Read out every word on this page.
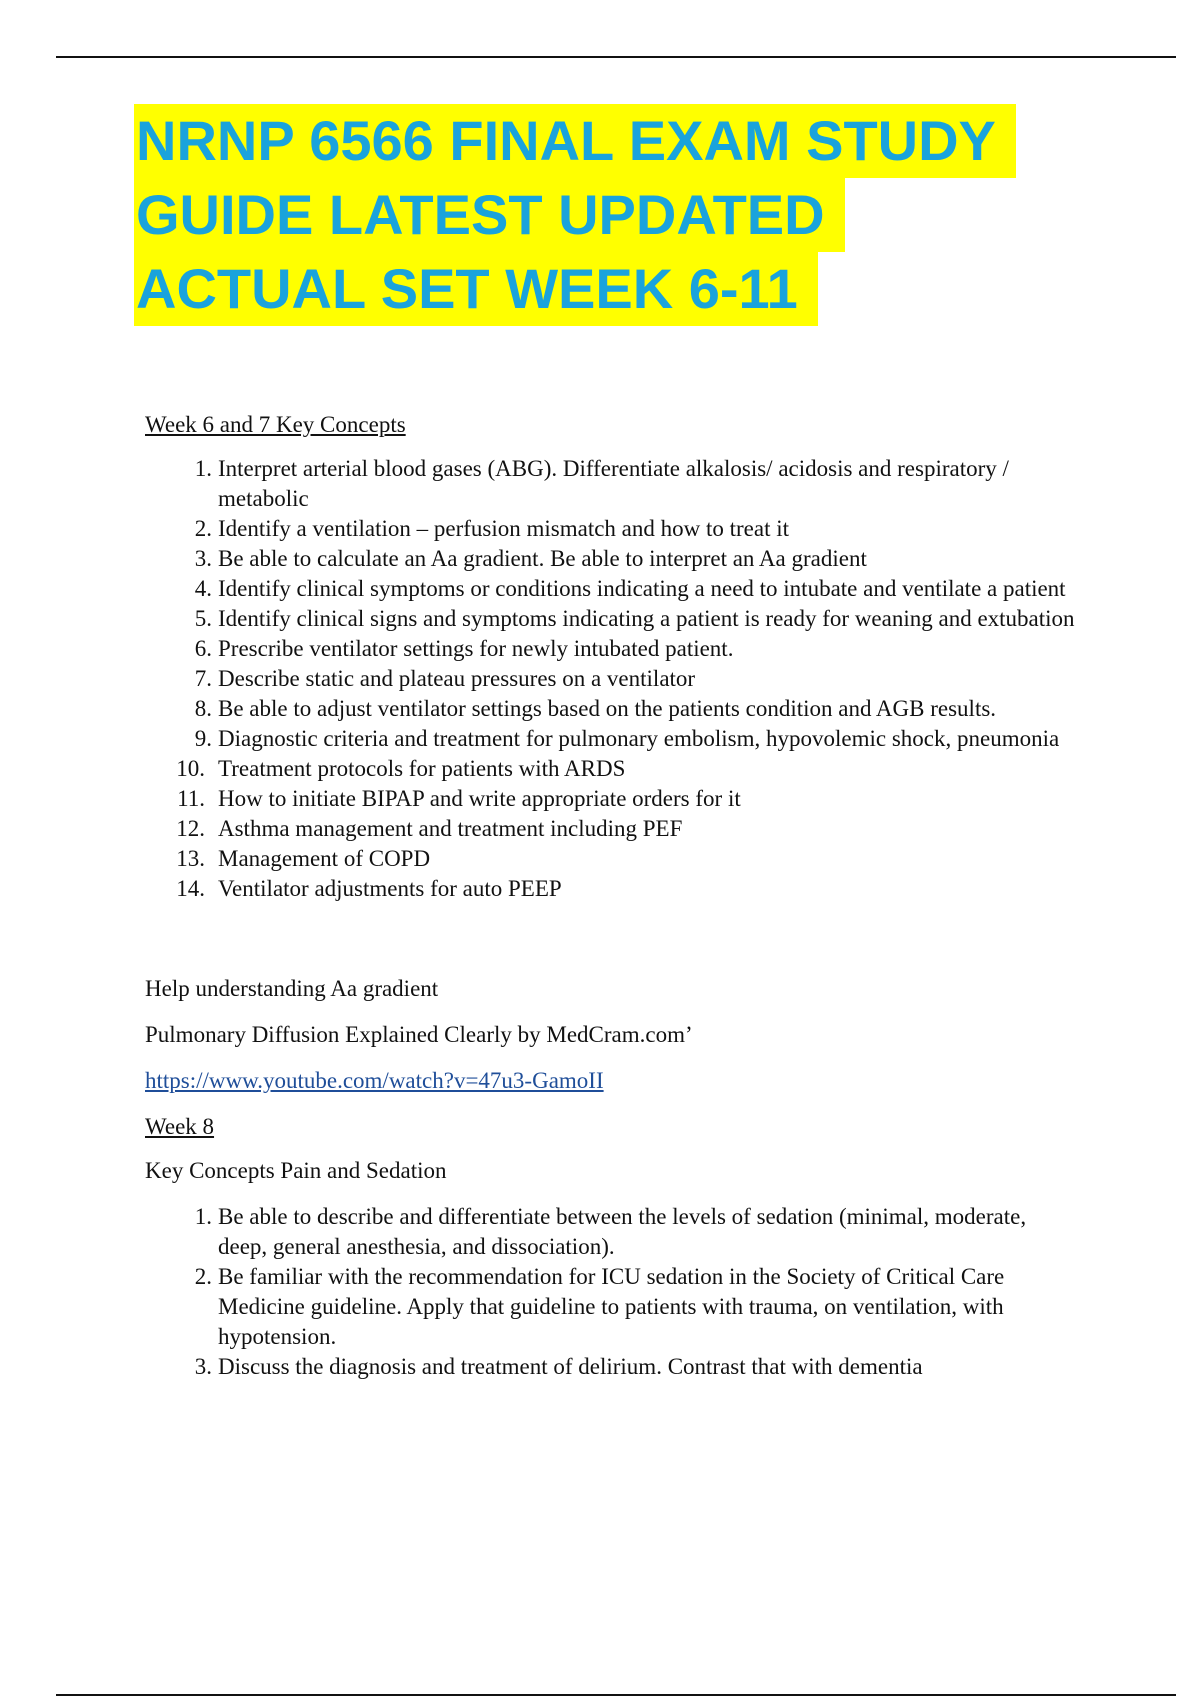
NRNP 6566 FINAL EXAM STUDY
GUIDE LATEST UPDATED
ACTUAL SET WEEK 6-11
Week 6 and 7 Key Concepts
Interpret arterial blood gases (ABG). Differentiate alkalosis/ acidosis and respiratory / metabolic
Identify a ventilation – perfusion mismatch and how to treat it
Be able to calculate an Aa gradient. Be able to interpret an Aa gradient
Identify clinical symptoms or conditions indicating a need to intubate and ventilate a patient
Identify clinical signs and symptoms indicating a patient is ready for weaning and extubation
Prescribe ventilator settings for newly intubated patient.
Describe static and plateau pressures on a ventilator
Be able to adjust ventilator settings based on the patients condition and AGB results.
Diagnostic criteria and treatment for pulmonary embolism, hypovolemic shock, pneumonia
Treatment protocols for patients with ARDS
How to initiate BIPAP and write appropriate orders for it
Asthma management and treatment including PEF
Management of COPD
Ventilator adjustments for auto PEEP
Help understanding Aa gradient
Pulmonary Diffusion Explained Clearly by MedCram.com’
https://www.youtube.com/watch?v=47u3-GamoII
Week 8
Key Concepts Pain and Sedation
Be able to describe and differentiate between the levels of sedation (minimal, moderate, deep, general anesthesia, and dissociation).
Be familiar with the recommendation for ICU sedation in the Society of Critical Care Medicine guideline. Apply that guideline to patients with trauma, on ventilation, with hypotension.
Discuss the diagnosis and treatment of delirium. Contrast that with dementia
